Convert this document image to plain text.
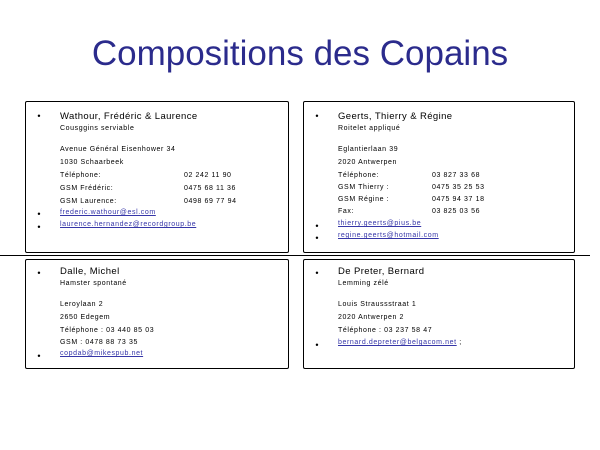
Compositions des Copains
• Wathour, Frédéric & Laurence
Cousggins serviable
Avenue Général Eisenhower 34
1030 Schaarbeek
Téléphone:	02 242 11 90
GSM Frédéric:	0475 68 11 36
GSM Laurence:	0498 69 77 94
•	frederic.wathour@esl.com
•	laurence.hernandez@recordgroup.be
• Geerts, Thierry & Régine
Roitelet appliqué
Eglantierlaan 39
2020 Antwerpen
Téléphone:	03 827 33 68
GSM Thierry :	0475 35 25 53
GSM Régine :	0475 94 37 18
Fax:	03 825 03 56
•	thierry.geerts@pius.be
•	regine.geerts@hotmail.com
• Dalle, Michel
Hamster spontané
Leroylaan 2
2650 Edegem
Téléphone : 03 440 85 03
GSM : 0478 88 73 35
•	copdab@mikespub.net
• De Preter, Bernard
Lemming zélé
Louis Straussstraat 1
2020 Antwerpen 2
Téléphone : 03 237 58 47
•	bernard.depreter@belgacom.net ;
